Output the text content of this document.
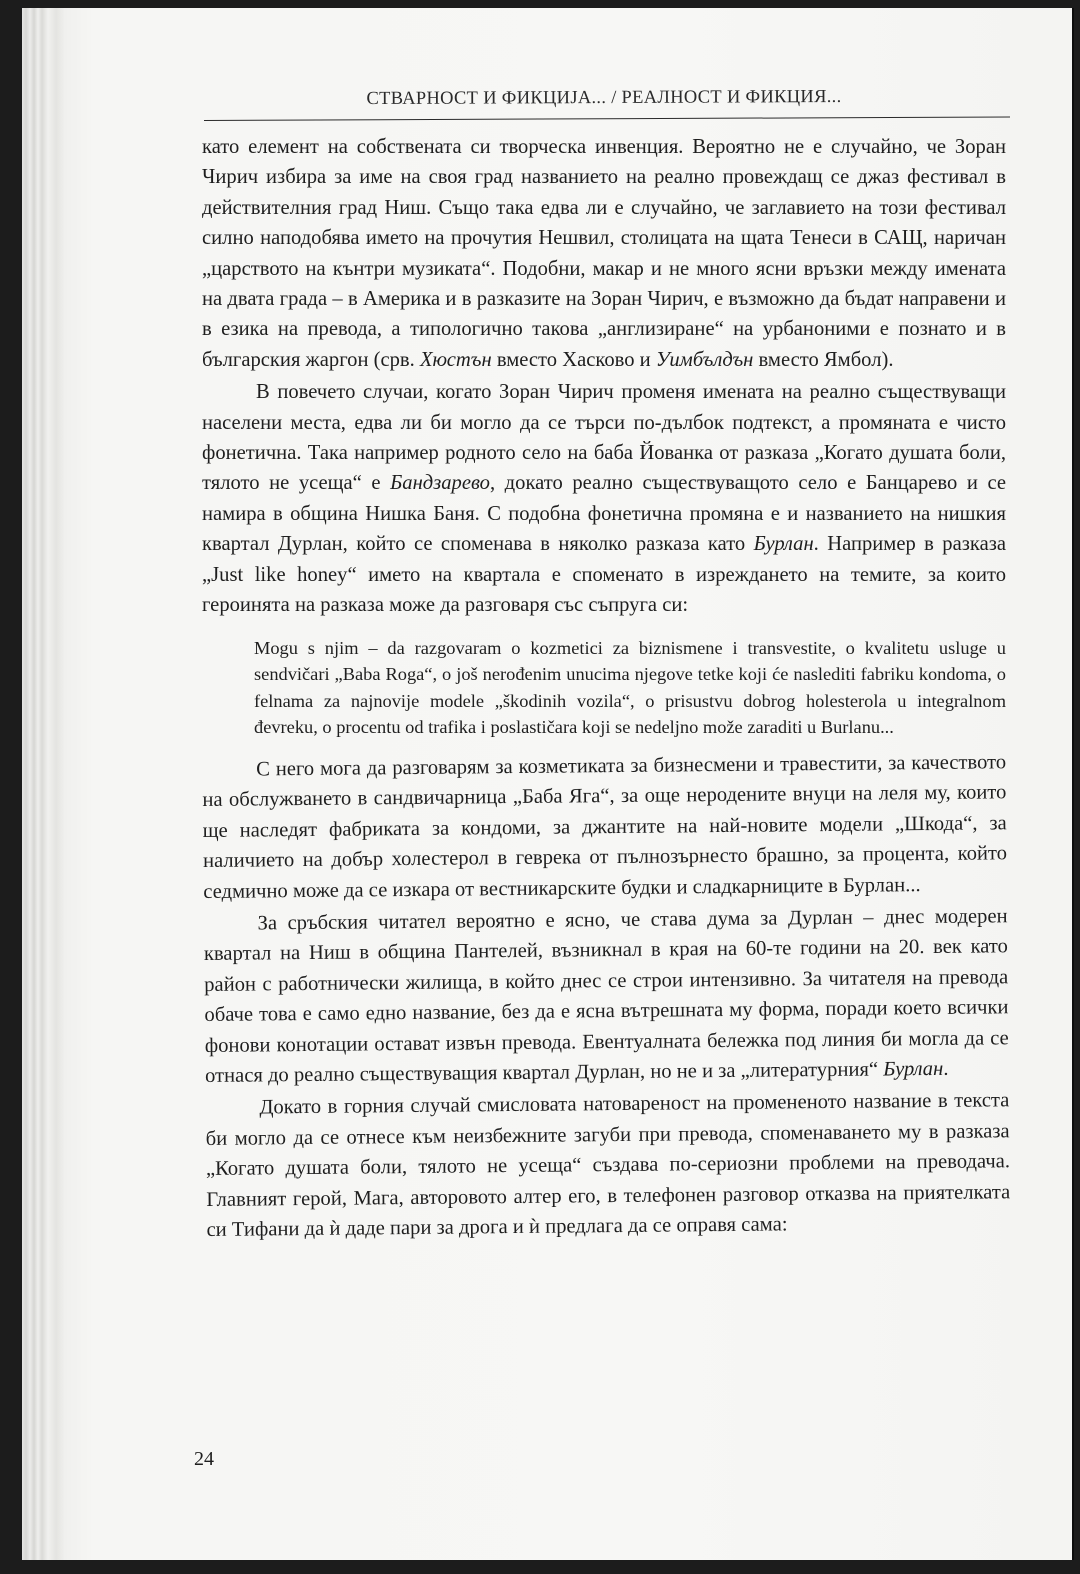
СТВАРНОСТ И ФИКЦИЈА... / РЕАЛНОСТ И ФИКЦИЯ...

като елемент на собствената си творческа инвенция. Вероятно не е случайно, че Зоран Чирич избира за име на своя град названието на реално провеждащ се джаз фестивал в действителния град Ниш. Също така едва ли е случайно, че заглавието на този фестивал силно наподобява името на прочутия Нешвил, столицата на щата Тенеси в САЩ, наричан „царството на кънтри музиката“. Подобни, макар и не много ясни връзки между имената на двата града – в Америка и в разказите на Зоран Чирич, е възможно да бъдат направени и в езика на превода, а типологично такова „англизиране“ на урбаноними е познато и в българския жаргон (срв. Хюстън вместо Хасково и Уимбълдън вместо Ямбол).

В повечето случаи, когато Зоран Чирич променя имената на реално съществуващи населени места, едва ли би могло да се търси по-дълбок подтекст, а промяната е чисто фонетична. Така например родното село на баба Йованка от разказа „Когато душата боли, тялото не усеща“ е Бандзарево, докато реално съществуващото село е Банцарево и се намира в община Нишка Баня. С подобна фонетична промяна е и названието на нишкия квартал Дурлан, който се споменава в няколко разказа като Бурлан. Например в разказа „Just like honey“ името на квартала е споменато в изреждането на темите, за които героинята на разказа може да разговаря със съпруга си:

Mogu s njim – da razgovaram o kozmetici za biznismene i transvestite, o kvalitetu usluge u sendvičari „Baba Roga“, o još nerođenim unucima njegove tetke koji će naslediti fabriku kondoma, o felnama za najnovije modele „škodinih vozila“, o prisustvu dobrog holesterola u integralnom đevreku, o procentu od trafika i poslastičara koji se nedeljno može zaraditi u Burlanu...

С него мога да разговарям за козметиката за бизнесмени и травестити, за качеството на обслужването в сандвичарница „Баба Яга“, за още неродените внуци на леля му, които ще наследят фабриката за кондоми, за джантите на най-новите модели „Шкода“, за наличието на добър холестерол в геврека от пълнозърнесто брашно, за процента, който седмично може да се изкара от вестникарските будки и сладкарниците в Бурлан...

За сръбския читател вероятно е ясно, че става дума за Дурлан – днес модерен квартал на Ниш в община Пантелей, възникнал в края на 60-те години на 20. век като район с работнически жилища, в който днес се строи интензивно. За читателя на превода обаче това е само едно название, без да е ясна вътрешната му форма, поради което всички фонови конотации остават извън превода. Евентуалната бележка под линия би могла да се отнася до реално съществуващия квартал Дурлан, но не и за „литературния“ Бурлан.

Докато в горния случай смисловата натовареност на промененото название в текста би могло да се отнесе към неизбежните загуби при превода, споменаването му в разказа „Когато душата боли, тялото не усеща“ създава по-сериозни проблеми на преводача. Главният герой, Мага, авторовото алтер его, в телефонен разговор отказва на приятелката си Тифани да ѝ даде пари за дрога и ѝ предлага да се оправя сама:

24
